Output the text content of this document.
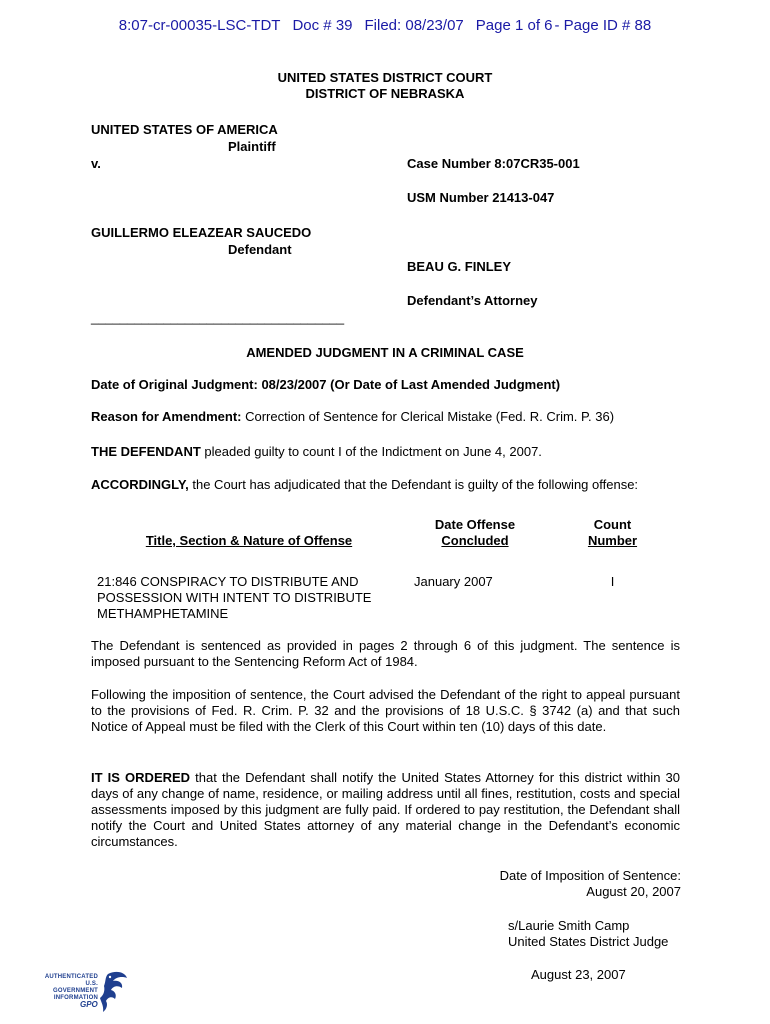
8:07-cr-00035-LSC-TDT Doc # 39 Filed: 08/23/07 Page 1 of 6 - Page ID # 88
UNITED STATES DISTRICT COURT
DISTRICT OF NEBRASKA
UNITED STATES OF AMERICA
Plaintiff
v.
GUILLERMO ELEAZEAR SAUCEDO
Defendant
___________________________________
Case Number 8:07CR35-001
USM Number 21413-047
BEAU G. FINLEY
Defendant’s Attorney
AMENDED JUDGMENT IN A CRIMINAL CASE
Date of Original Judgment: 08/23/2007 (Or Date of Last Amended Judgment)
Reason for Amendment: Correction of Sentence for Clerical Mistake (Fed. R. Crim. P. 36)
THE DEFENDANT pleaded guilty to count I of the Indictment on June 4, 2007.
ACCORDINGLY, the Court has adjudicated that the Defendant is guilty of the following offense:
Title, Section & Nature of Offense
Date Offense
Concluded
Count
Number
21:846 CONSPIRACY TO DISTRIBUTE AND
POSSESSION WITH INTENT TO DISTRIBUTE
METHAMPHETAMINE
January 2007	I
The Defendant is sentenced as provided in pages 2 through 6 of this judgment. The sentence is imposed pursuant to the Sentencing Reform Act of 1984.
Following the imposition of sentence, the Court advised the Defendant of the right to appeal pursuant to the provisions of Fed. R. Crim. P. 32 and the provisions of 18 U.S.C. § 3742 (a) and that such Notice of Appeal must be filed with the Clerk of this Court within ten (10) days of this date.
IT IS ORDERED that the Defendant shall notify the United States Attorney for this district within 30 days of any change of name, residence, or mailing address until all fines, restitution, costs and special assessments imposed by this judgment are fully paid. If ordered to pay restitution, the Defendant shall notify the Court and United States attorney of any material change in the Defendant’s economic circumstances.
Date of Imposition of Sentence:
August 20, 2007
s/Laurie Smith Camp
United States District Judge
August 23, 2007
AUTHENTICATED
U.S. GOVERNMENT
INFORMATION
GPO
